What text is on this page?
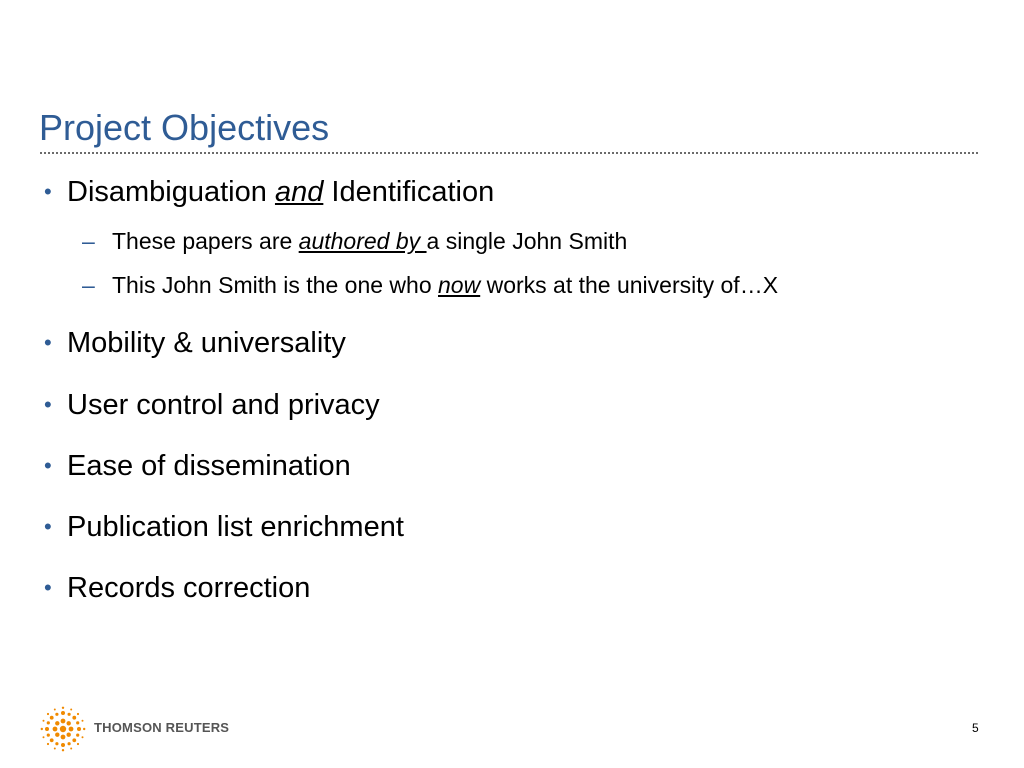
Project Objectives
• Disambiguation and Identification
– These papers are authored by a single John Smith
– This John Smith is the one who now works at the university of…X
• Mobility & universality
• User control and privacy
• Ease of dissemination
• Publication list enrichment
• Records correction
THOMSON REUTERS	5
